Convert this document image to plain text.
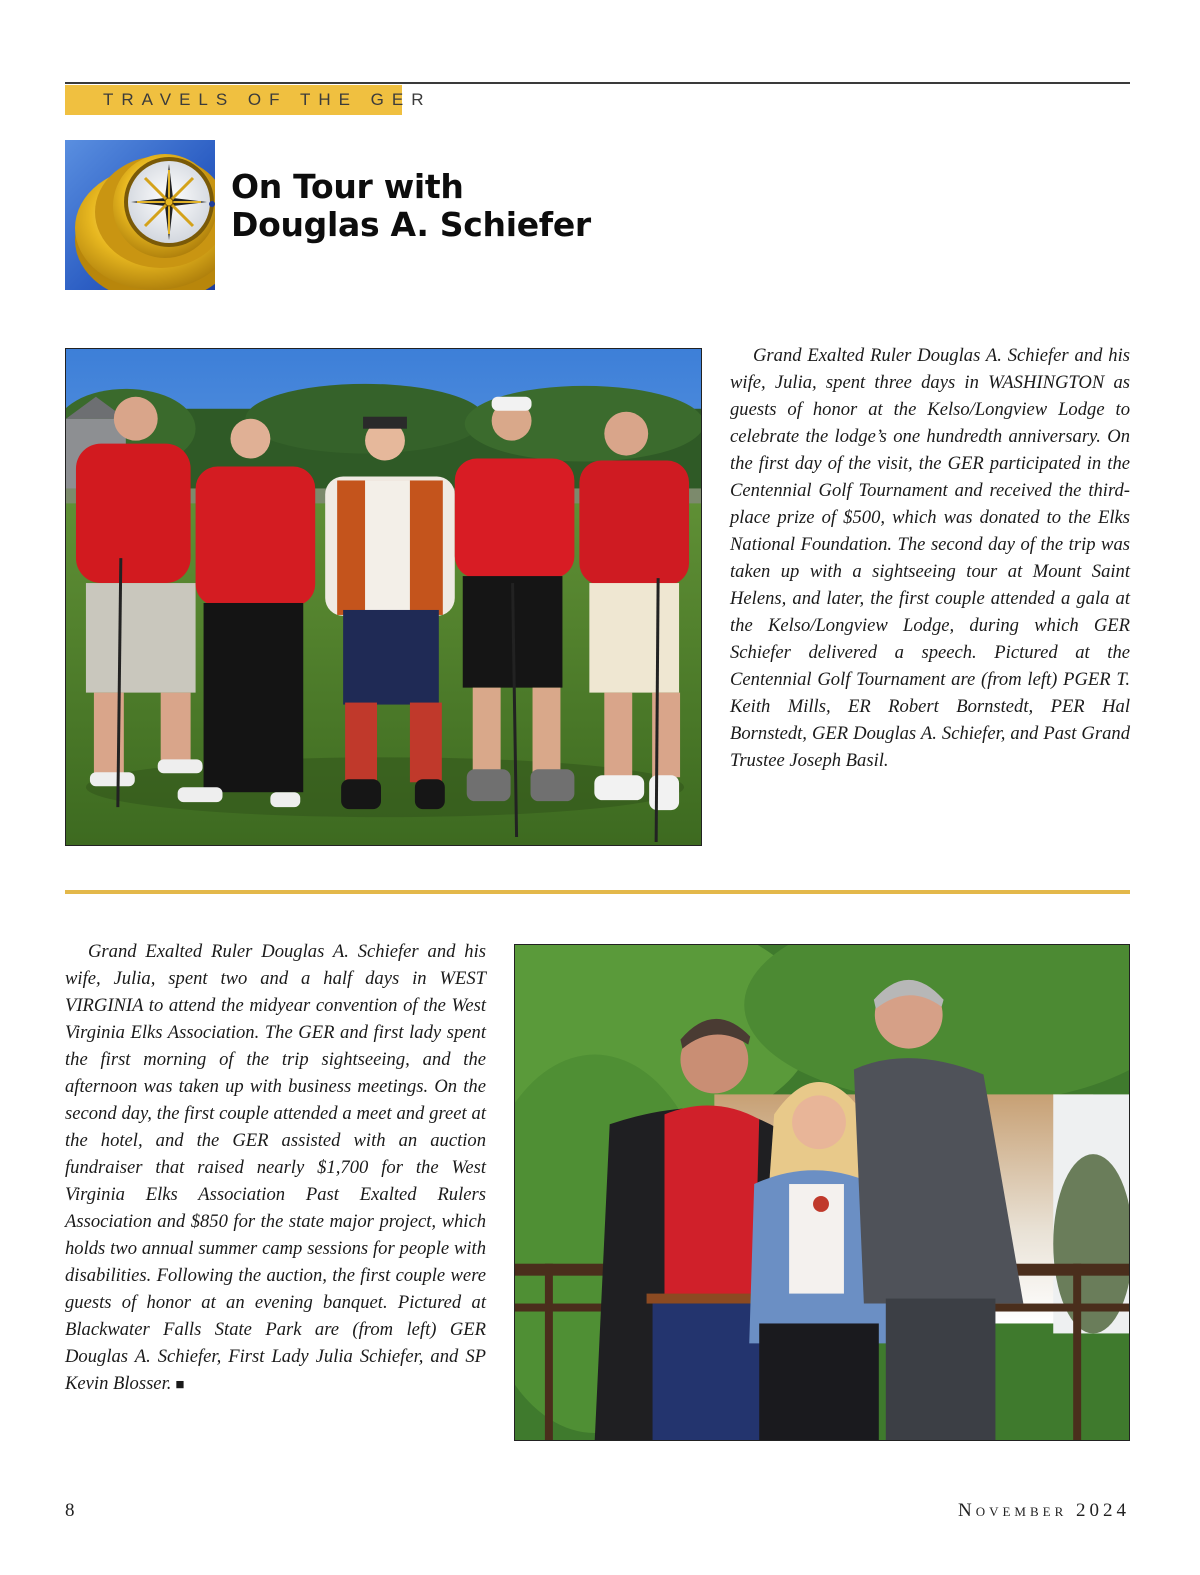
TRAVELS OF THE GER
On Tour with
Douglas A. Schiefer

Grand Exalted Ruler Douglas A. Schiefer and his wife, Julia, spent three days in WASHINGTON as guests of honor at the Kelso/Longview Lodge to celebrate the lodge’s one hundredth anniversary. On the first day of the visit, the GER participated in the Centennial Golf Tournament and received the third-place prize of $500, which was donated to the Elks National Foundation. The second day of the trip was taken up with a sightseeing tour at Mount Saint Helens, and later, the first couple attended a gala at the Kelso/Longview Lodge, during which GER Schiefer delivered a speech. Pictured at the Centennial Golf Tournament are (from left) PGER T. Keith Mills, ER Robert Bornstedt, PER Hal Bornstedt, GER Douglas A. Schiefer, and Past Grand Trustee Joseph Basil.

Grand Exalted Ruler Douglas A. Schiefer and his wife, Julia, spent two and a half days in WEST VIRGINIA to attend the midyear convention of the West Virginia Elks Association. The GER and first lady spent the first morning of the trip sightseeing, and the afternoon was taken up with business meetings. On the second day, the first couple attended a meet and greet at the hotel, and the GER assisted with an auction fundraiser that raised nearly $1,700 for the West Virginia Elks Association Past Exalted Rulers Association and $850 for the state major project, which holds two annual summer camp sessions for people with disabilities. Following the auction, the first couple were guests of honor at an evening banquet. Pictured at Blackwater Falls State Park are (from left) GER Douglas A. Schiefer, First Lady Julia Schiefer, and SP Kevin Blosser. ■

8	November 2024
